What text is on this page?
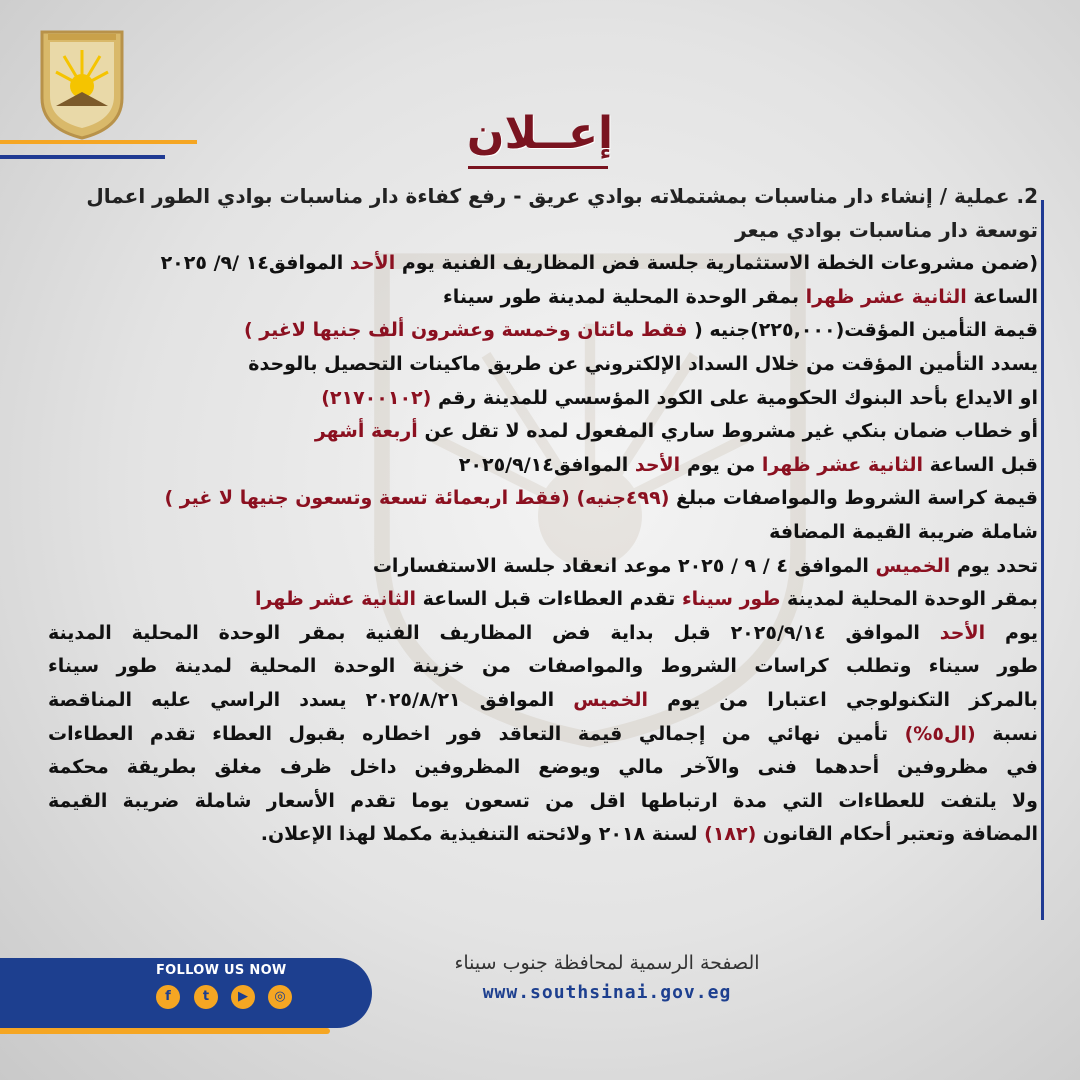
إعــلان
2. عملية / إنشاء دار مناسبات بمشتملاته بوادي عريق - رفع كفاءة دار مناسبات بوادي الطور اعمال
توسعة دار مناسبات بوادي ميعر
(ضمن مشروعات الخطة الاستثمارية جلسة فض المظاريف الفنية يوم الأحد الموافق١٤ /٩/ ٢٠٢٥
الساعة الثانية عشر ظهرا بمقر الوحدة المحلية لمدينة طور سيناء
قيمة التأمين المؤقت(٢٢٥,٠٠٠)جنيه ( فقط مائتان وخمسة وعشرون ألف جنيها لاغير )
يسدد التأمين المؤقت من خلال السداد الإلكتروني عن طريق ماكينات التحصيل بالوحدة
او الايداع بأحد البنوك الحكومية على الكود المؤسسي للمدينة رقم (٢١٧٠٠١٠٢)
أو خطاب ضمان بنكي غير مشروط ساري المفعول لمده لا تقل عن أربعة أشهر
قبل الساعة الثانية عشر ظهرا من يوم الأحد الموافق٢٠٢٥/٩/١٤
قيمة كراسة الشروط والمواصفات مبلغ (٤٩٩جنيه) (فقط اربعمائة تسعة وتسعون جنيها لا غير )
شاملة ضريبة القيمة المضافة
تحدد يوم الخميس الموافق ٤ / ٩ / ٢٠٢٥ موعد انعقاد جلسة الاستفسارات
بمقر الوحدة المحلية لمدينة طور سيناء تقدم العطاءات قبل الساعة الثانية عشر ظهرا
يوم الأحد الموافق ٢٠٢٥/٩/١٤ قبل بداية فض المظاريف الفنية بمقر الوحدة المحلية المدينة
طور سيناء وتطلب كراسات الشروط والمواصفات من خزينة الوحدة المحلية لمدينة طور سيناء
بالمركز التكنولوجي اعتبارا من يوم الخميس الموافق ٢٠٢٥/٨/٢١ يسدد الراسي عليه المناقصة
نسبة (ال٥%) تأمين نهائي من إجمالي قيمة التعاقد فور اخطاره بقبول العطاء تقدم العطاءات
في مظروفين أحدهما فنى والآخر مالي ويوضع المظروفين داخل ظرف مغلق بطريقة محكمة
ولا يلتفت للعطاءات التي مدة ارتباطها اقل من تسعون يوما تقدم الأسعار شاملة ضريبة القيمة
المضافة وتعتبر أحكام القانون (١٨٢) لسنة ٢٠١٨ ولائحته التنفيذية مكملا لهذا الإعلان.
FOLLOW US NOW
f	t	▶	◎
الصفحة الرسمية لمحافظة جنوب سيناء
www.southsinai.gov.eg
